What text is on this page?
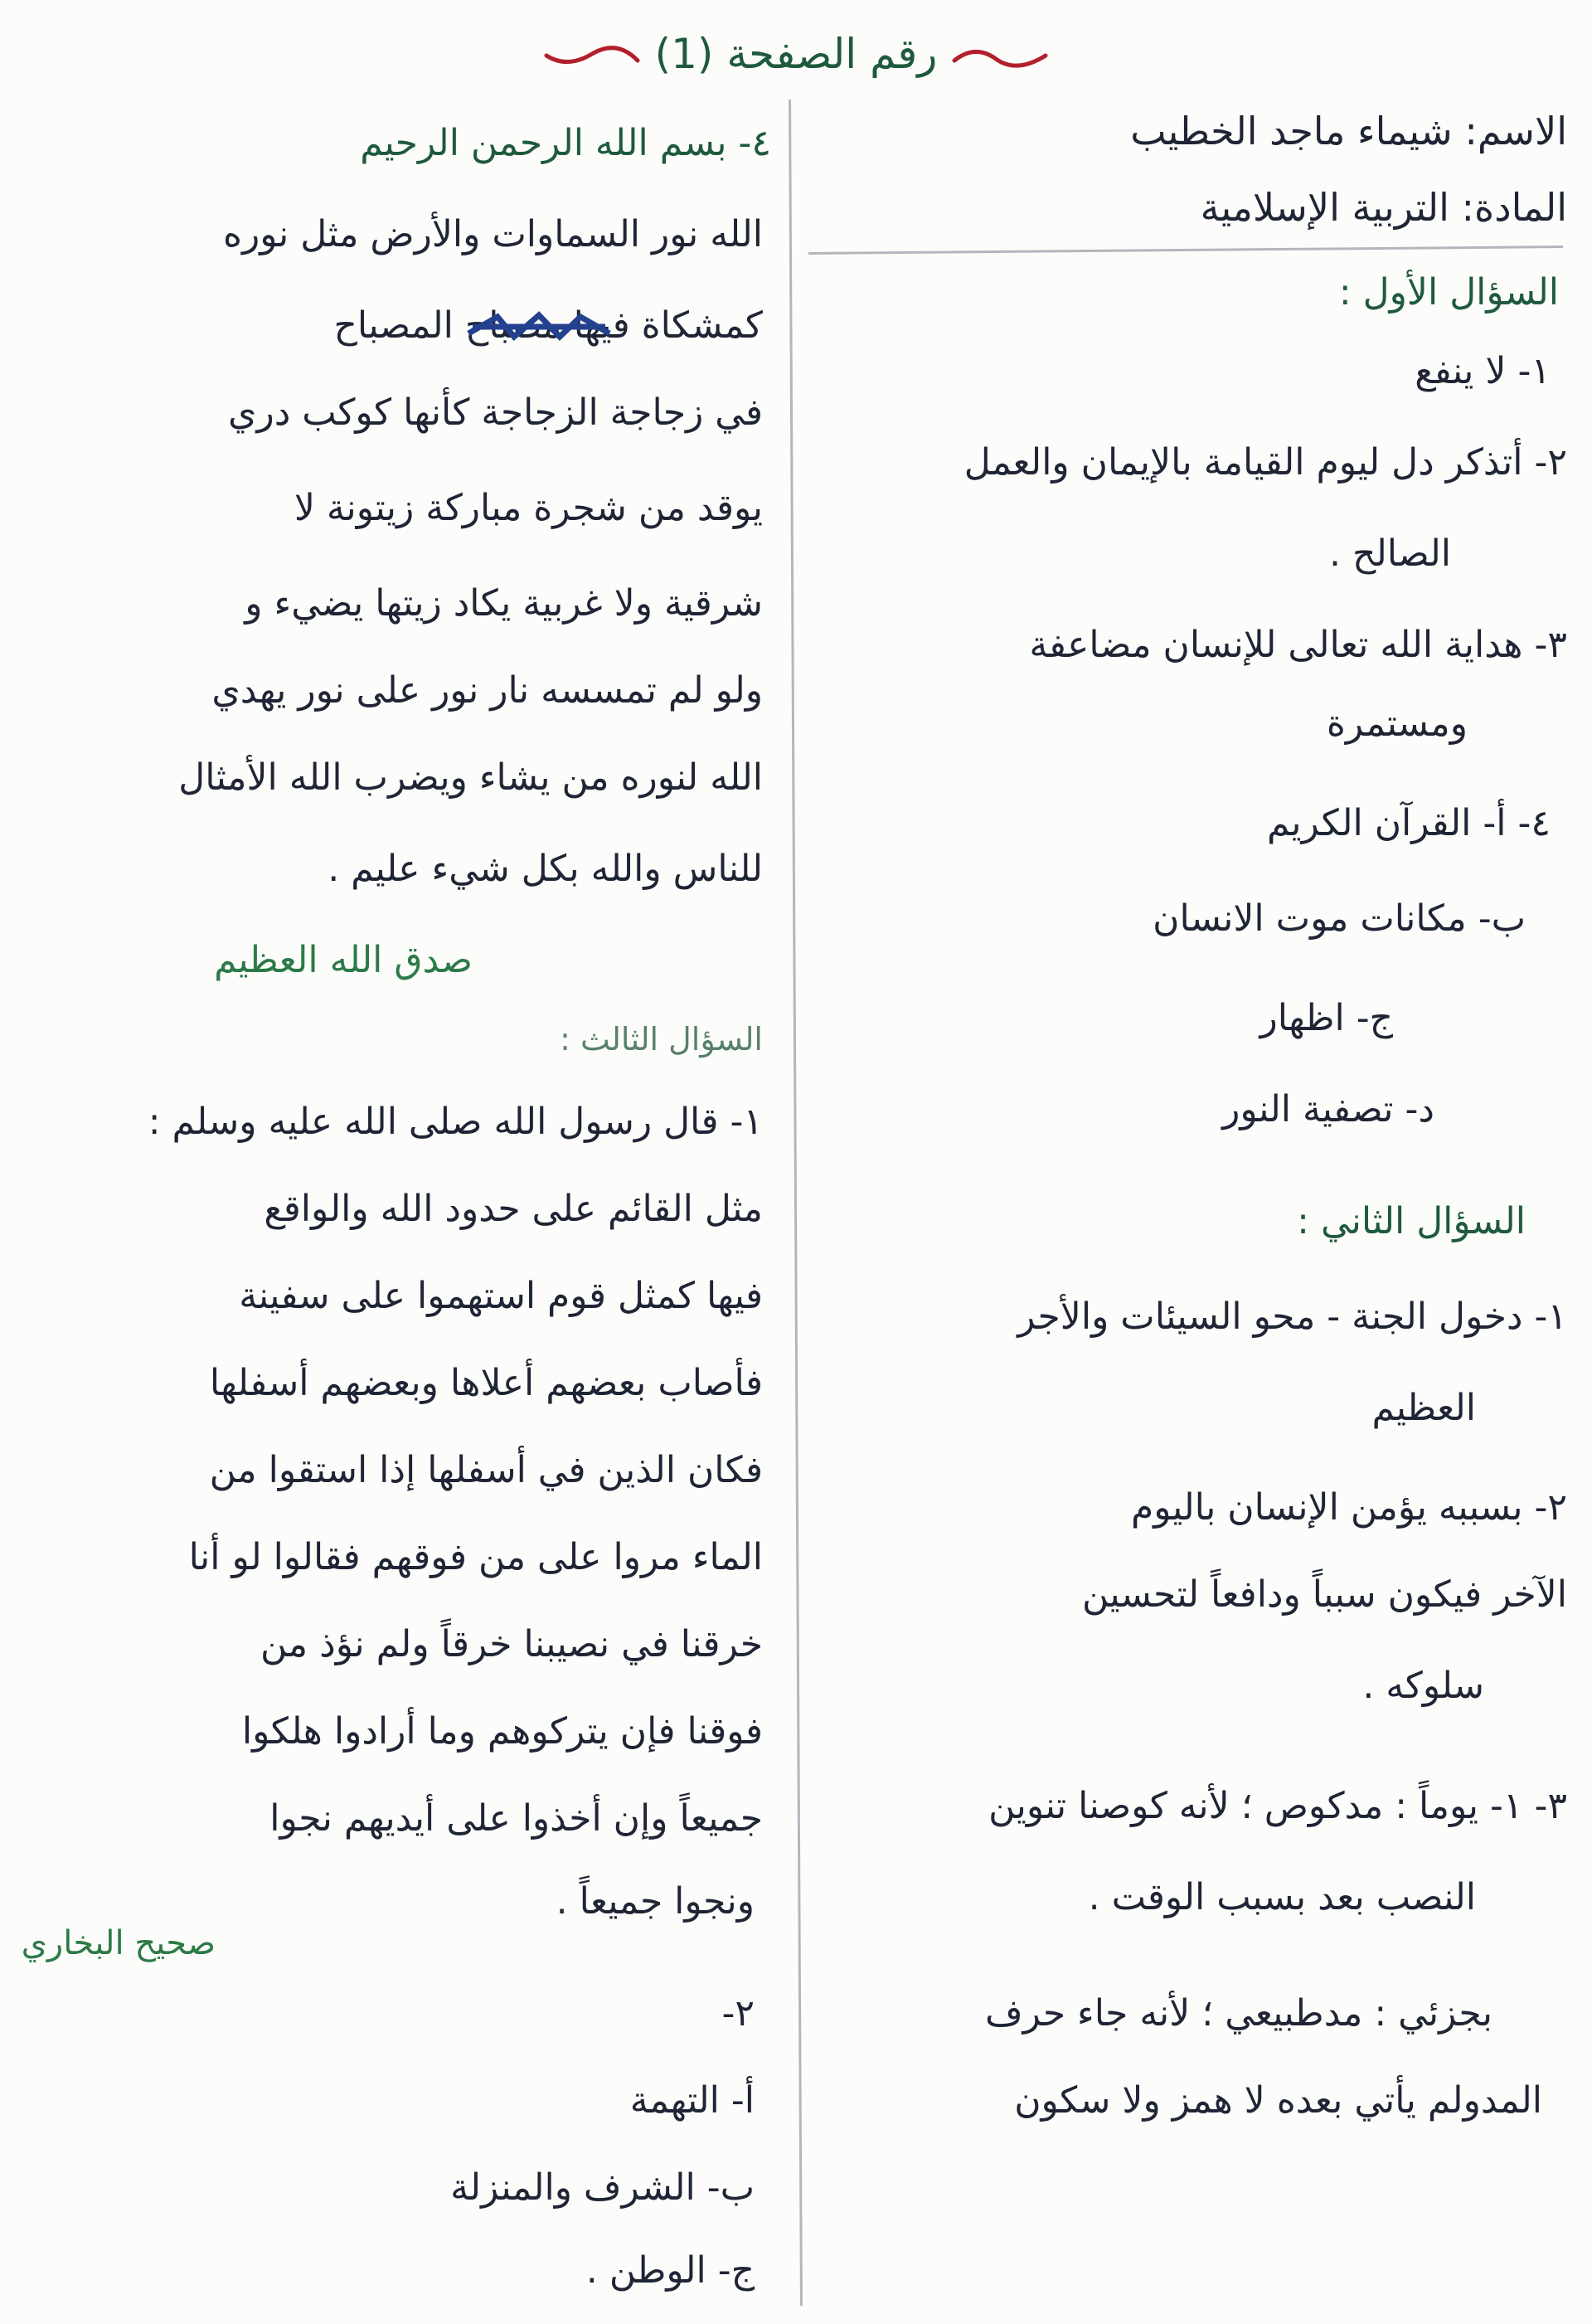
رقم الصفحة (1)
الاسم: شيماء ماجد الخطيب
المادة: التربية الإسلامية
السؤال الأول :
١- لا ينفع
٢- أتذكر دل ليوم القيامة بالإيمان والعمل
الصالح .
٣- هداية الله تعالى للإنسان مضاعفة
ومستمرة
٤- أ- القرآن الكريم
ب- مكانات موت الانسان
ج- اظهار
د- تصفية النور
السؤال الثاني :
١- دخول الجنة - محو السيئات والأجر
العظيم
٢- بسببه يؤمن الإنسان باليوم
الآخر فيكون سبباً ودافعاً لتحسين
سلوكه .
٣- ١- يوماً : مدكوص ؛ لأنه كوصنا تنوين
النصب بعد بسبب الوقت .
بجزئي : مدطبيعي ؛ لأنه جاء حرف
المدولم يأتي بعده لا همز ولا سكون
٤- بسم الله الرحمن الرحيم
الله نور السماوات والأرض مثل نوره
كمشكاة فيها مصباح المصباح
في زجاجة الزجاجة كأنها كوكب دري
يوقد من شجرة مباركة زيتونة لا
شرقية ولا غربية يكاد زيتها يضيء و
ولو لم تمسسه نار نور على نور يهدي
الله لنوره من يشاء ويضرب الله الأمثال
للناس والله بكل شيء عليم .
صدق الله العظيم
السؤال الثالث :
١- قال رسول الله صلى الله عليه وسلم :
مثل القائم على حدود الله والواقع
فيها كمثل قوم استهموا على سفينة
فأصاب بعضهم أعلاها وبعضهم أسفلها
فكان الذين في أسفلها إذا استقوا من
الماء مروا على من فوقهم فقالوا لو أنا
خرقنا في نصيبنا خرقاً ولم نؤذ من
فوقنا فإن يتركوهم وما أرادوا هلكوا
جميعاً وإن أخذوا على أيديهم نجوا
ونجوا جميعاً .
صحيح البخاري
٢-
أ- التهمة
ب- الشرف والمنزلة
ج- الوطن .
